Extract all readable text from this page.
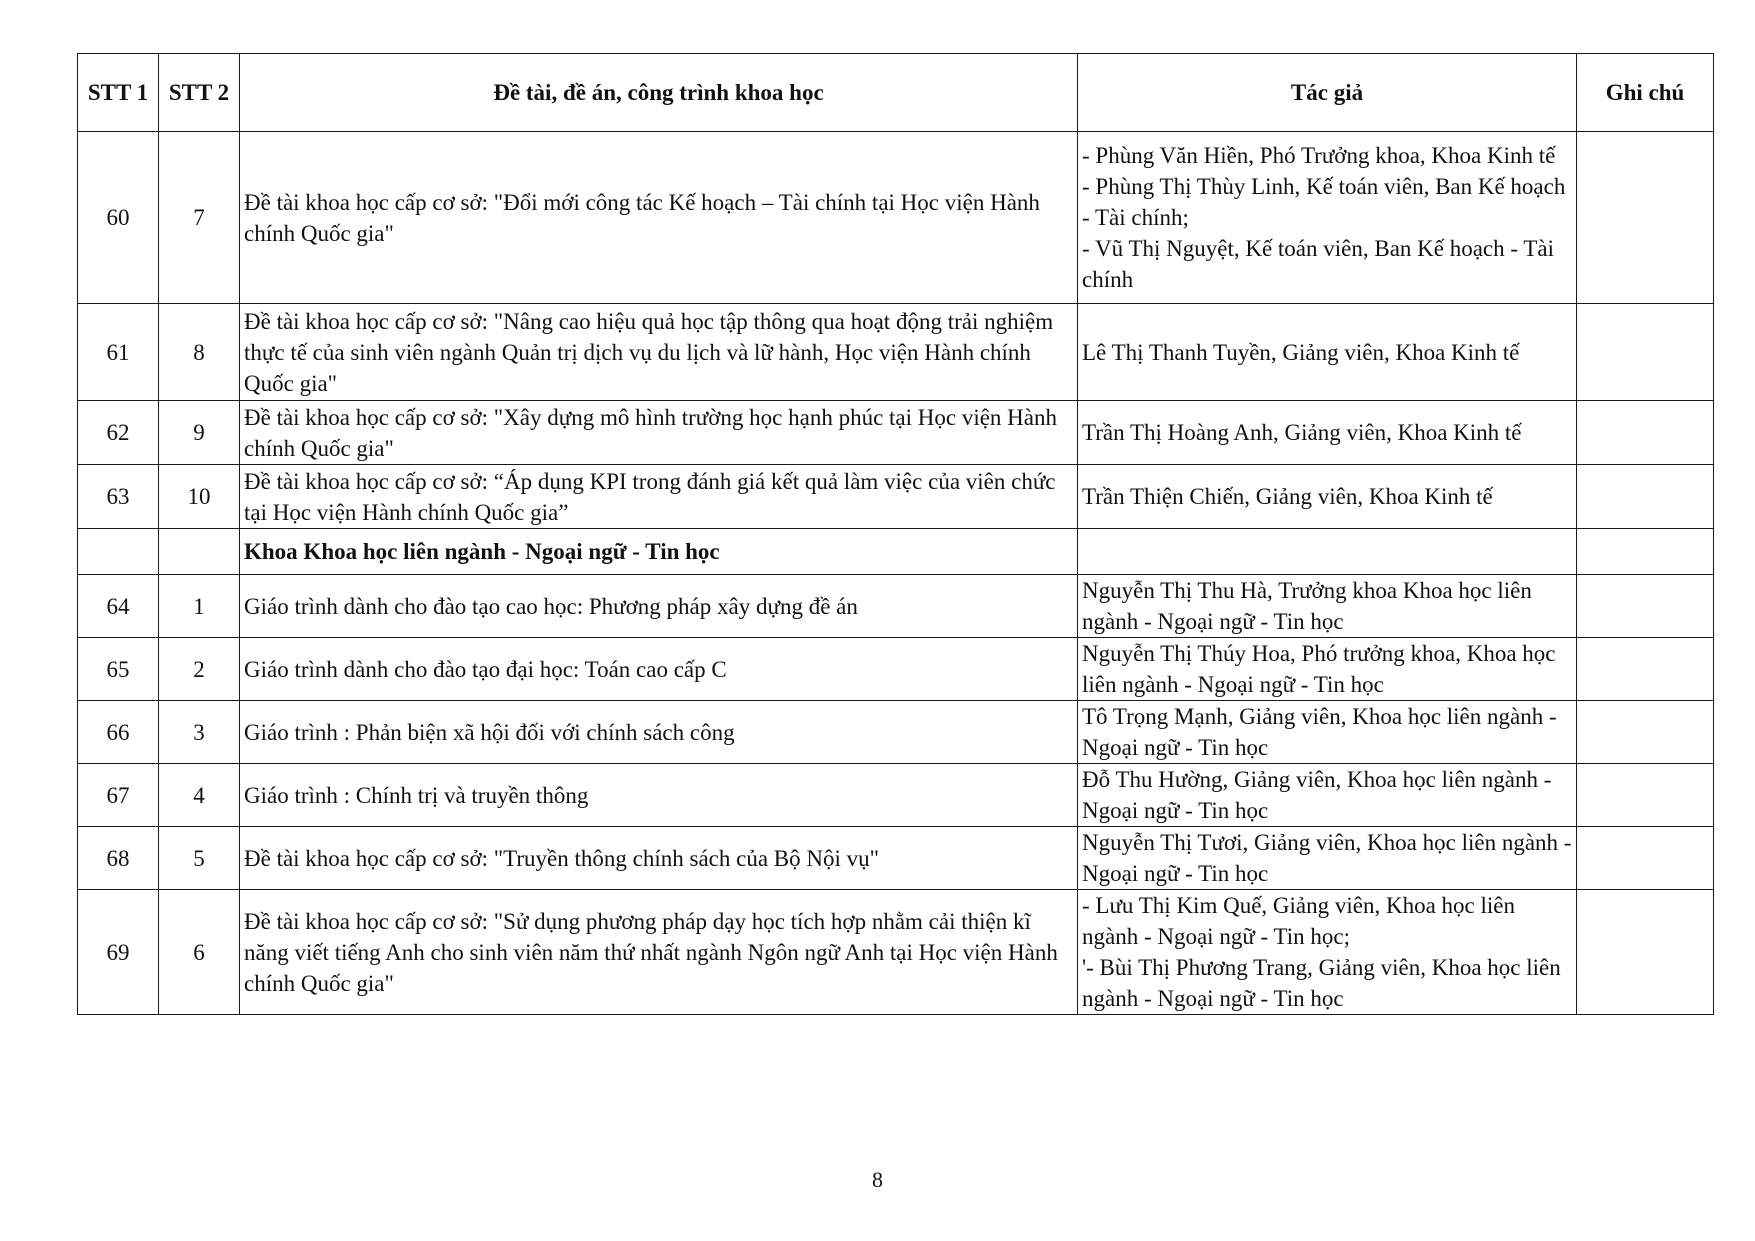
STT 1	STT 2	Đề tài, đề án, công trình khoa học	Tác giả	Ghi chú
60	7	Đề tài khoa học cấp cơ sở: "Đổi mới công tác Kế hoạch – Tài chính tại Học viện Hành chính Quốc gia"	- Phùng Văn Hiền, Phó Trưởng khoa, Khoa Kinh tế
- Phùng Thị Thùy Linh, Kế toán viên, Ban Kế hoạch - Tài chính;
- Vũ Thị Nguyệt, Kế toán viên, Ban Kế hoạch - Tài chính	

61	8	Đề tài khoa học cấp cơ sở: "Nâng cao hiệu quả học tập thông qua hoạt động trải nghiệm thực tế của sinh viên ngành Quản trị dịch vụ du lịch và lữ hành, Học viện Hành chính Quốc gia"	Lê Thị Thanh Tuyền, Giảng viên, Khoa Kinh tế	

62	9	Đề tài khoa học cấp cơ sở: "Xây dựng mô hình trường học hạnh phúc tại Học viện Hành chính Quốc gia"	Trần Thị Hoàng Anh, Giảng viên, Khoa Kinh tế	

63	10	Đề tài khoa học cấp cơ sở: “Áp dụng KPI trong đánh giá kết quả làm việc của viên chức tại Học viện Hành chính Quốc gia”	Trần Thiện Chiến, Giảng viên, Khoa Kinh tế	

		Khoa Khoa học liên ngành - Ngoại ngữ - Tin học		
64	1	Giáo trình dành cho đào tạo cao học: Phương pháp xây dựng đề án	Nguyễn Thị Thu Hà, Trưởng khoa Khoa học liên ngành - Ngoại ngữ - Tin học	

65	2	Giáo trình dành cho đào tạo đại học: Toán cao cấp C	Nguyễn Thị Thúy Hoa, Phó trưởng khoa, Khoa học liên ngành - Ngoại ngữ - Tin học	

66	3	Giáo trình : Phản biện xã hội đối với chính sách công	Tô Trọng Mạnh, Giảng viên, Khoa học liên ngành - Ngoại ngữ - Tin học	

67	4	Giáo trình : Chính trị và truyền thông	Đỗ Thu Hường, Giảng viên, Khoa học liên ngành - Ngoại ngữ - Tin học	

68	5	Đề tài khoa học cấp cơ sở: "Truyền thông chính sách của Bộ Nội vụ"	Nguyễn Thị Tươi, Giảng viên, Khoa học liên ngành - Ngoại ngữ - Tin học	

69	6	Đề tài khoa học cấp cơ sở: "Sử dụng phương pháp dạy học tích hợp nhằm cải thiện kĩ năng viết tiếng Anh cho sinh viên năm thứ nhất ngành Ngôn ngữ Anh tại Học viện Hành chính Quốc gia"	- Lưu Thị Kim Quế, Giảng viên, Khoa học liên ngành - Ngoại ngữ - Tin học;
'- Bùi Thị Phương Trang, Giảng viên, Khoa học liên ngành - Ngoại ngữ - Tin học	

8
